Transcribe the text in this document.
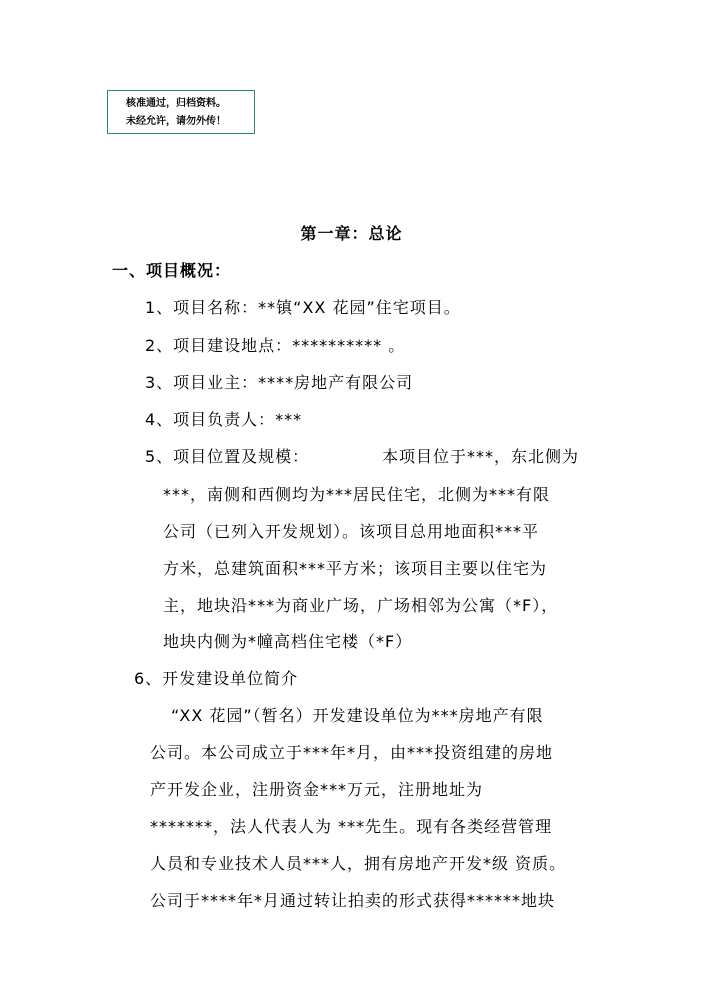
核准通过，归档资料。
未经允许，请勿外传！
第一章：总论
一、项目概况：
1、项目名称：**镇“XX 花园”住宅项目。
2、项目建设地点：********** 。
3、项目业主：****房地产有限公司
4、项目负责人：***
5、项目位置及规模：	本项目位于***，东北侧为
***，南侧和西侧均为***居民住宅，北侧为***有限
公司（已列入开发规划）。该项目总用地面积***平
方米，总建筑面积***平方米；该项目主要以住宅为
主，地块沿***为商业广场，广场相邻为公寓（*F），
地块内侧为*幢高档住宅楼（*F）
6、开发建设单位简介
“XX 花园”（暂名）开发建设单位为***房地产有限
公司。本公司成立于***年*月，由***投资组建的房地
产开发企业，注册资金***万元，注册地址为
*******，法人代表人为 ***先生。现有各类经营管理
人员和专业技术人员***人，拥有房地产开发*级 资质。
公司于****年*月通过转让拍卖的形式获得******地块
